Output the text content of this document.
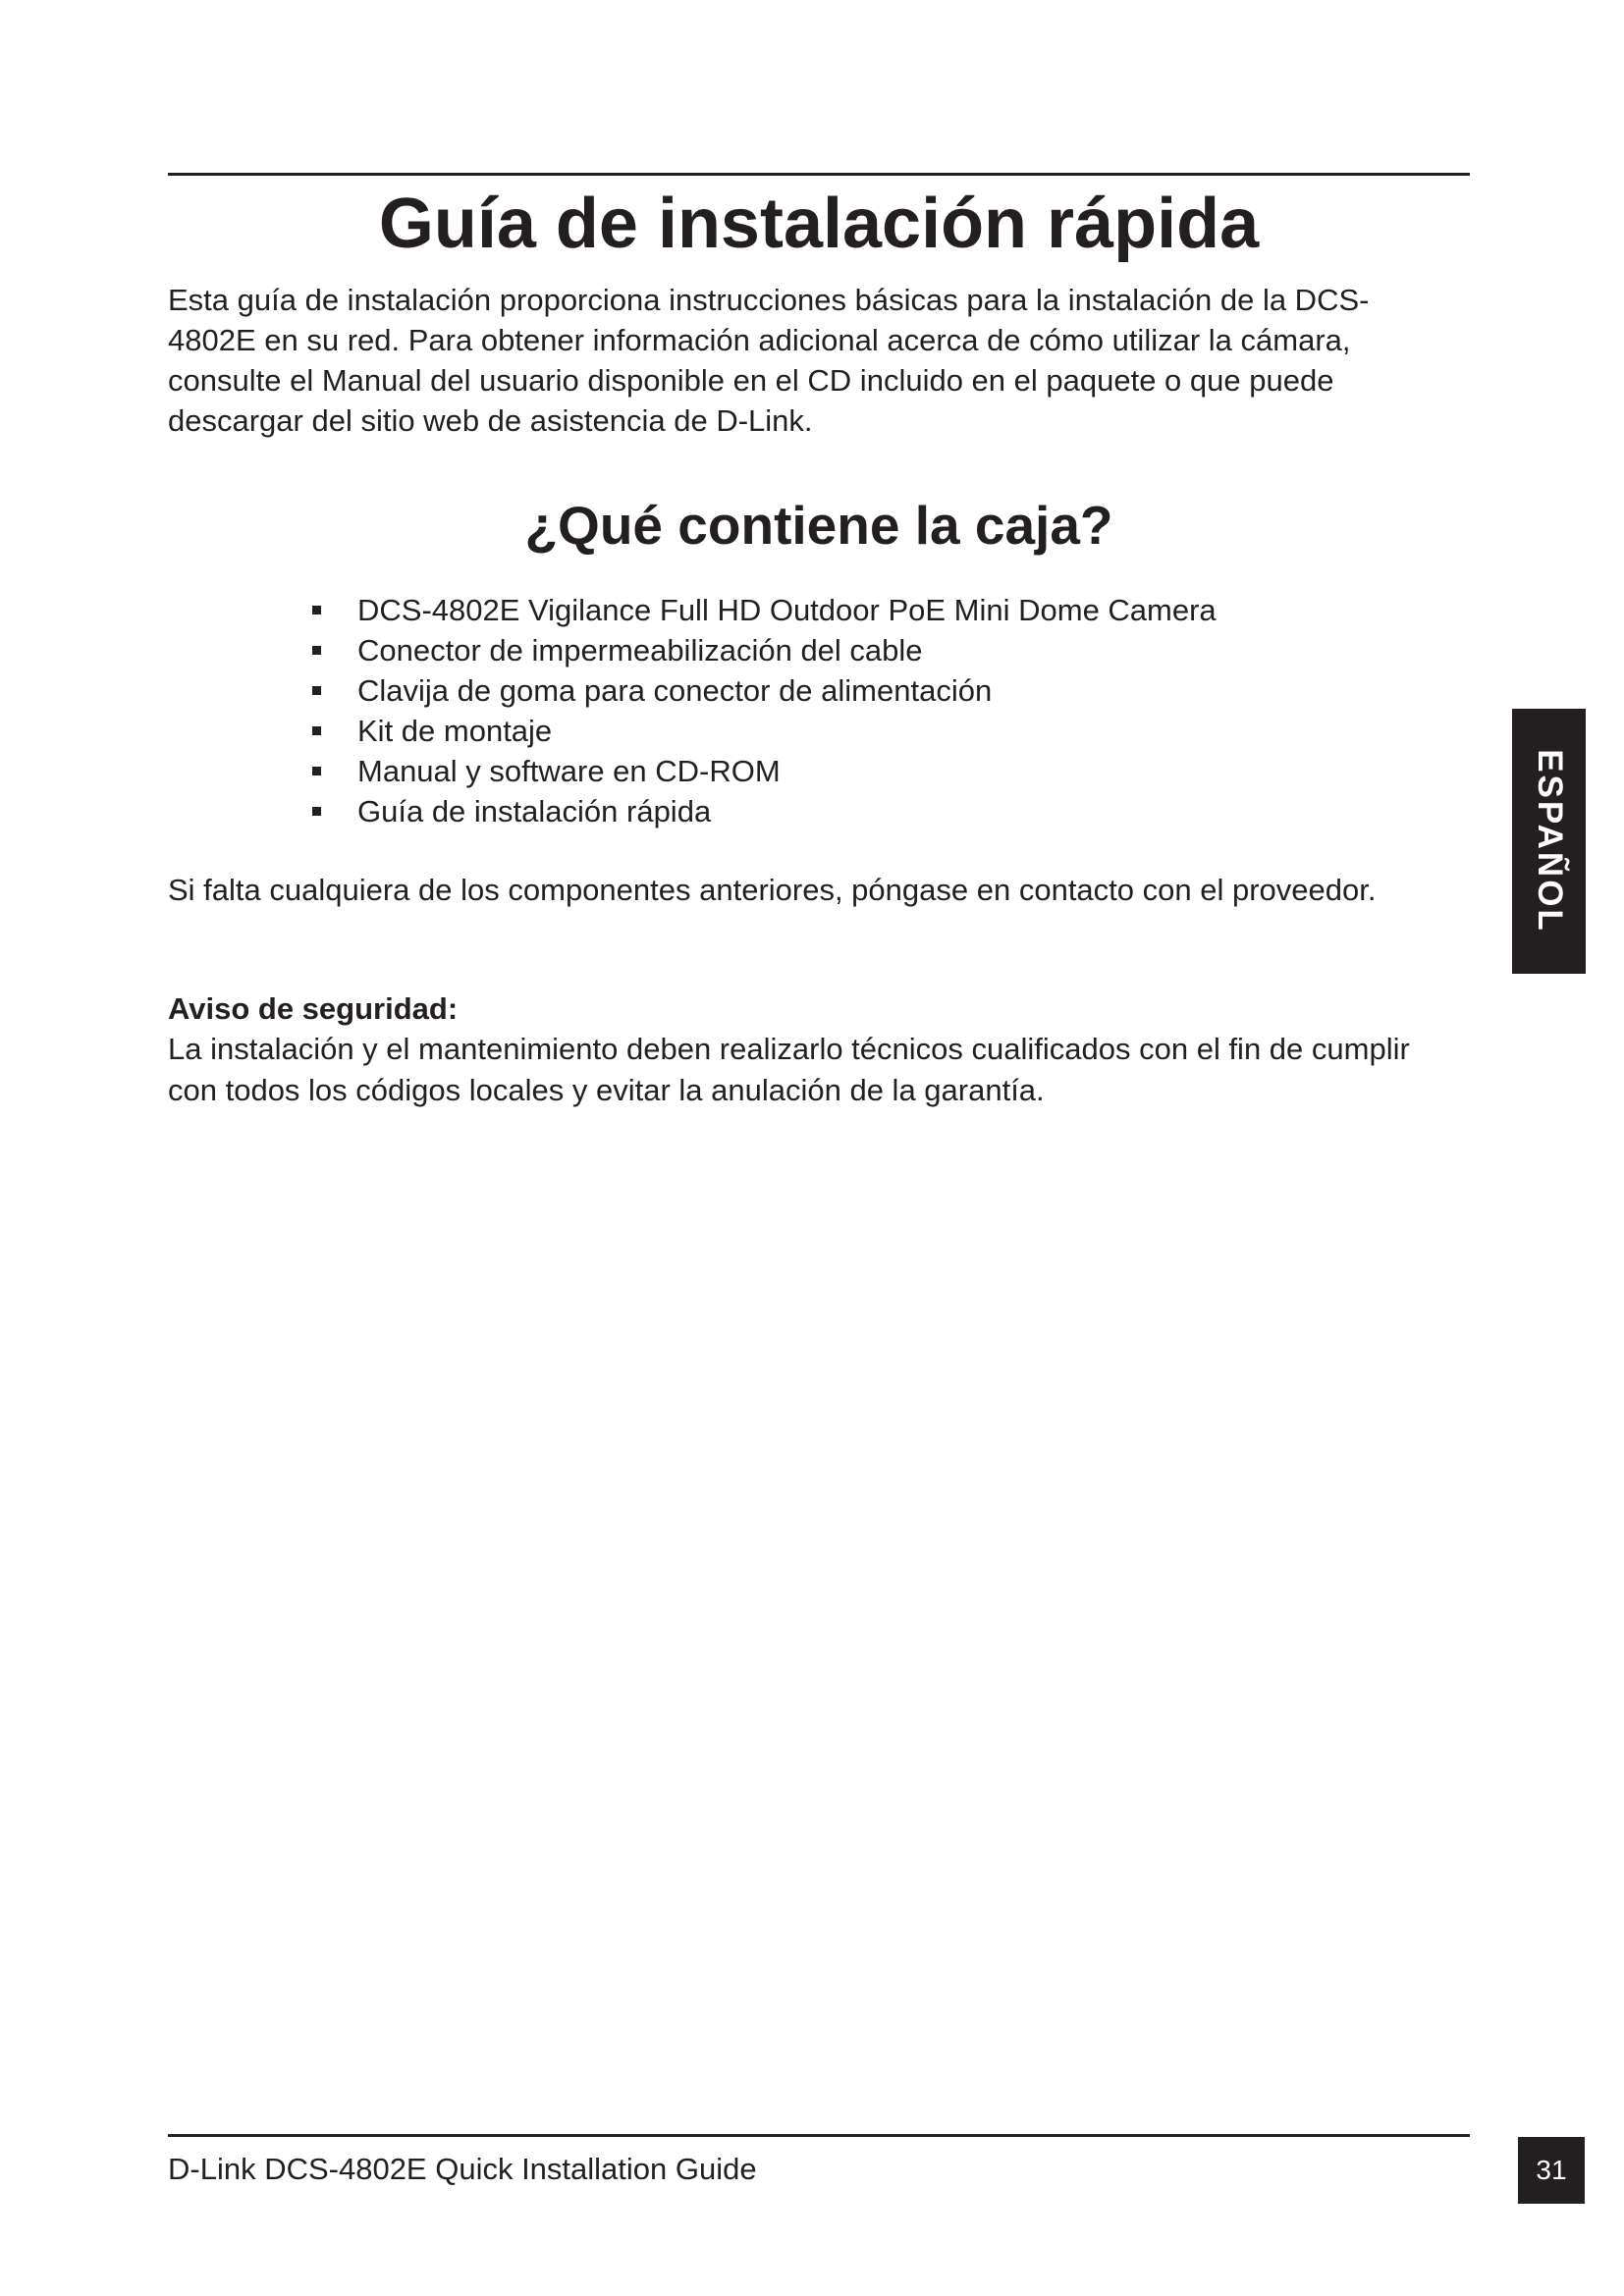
Guía de instalación rápida

Esta guía de instalación proporciona instrucciones básicas para la instalación de la DCS-4802E en su red. Para obtener información adicional acerca de cómo utilizar la cámara, consulte el Manual del usuario disponible en el CD incluido en el paquete o que puede descargar del sitio web de asistencia de D-Link.

¿Qué contiene la caja?
DCS-4802E Vigilance Full HD Outdoor PoE Mini Dome Camera
Conector de impermeabilización del cable
Clavija de goma para conector de alimentación
Kit de montaje
Manual y software en CD-ROM
Guía de instalación rápida

Si falta cualquiera de los componentes anteriores, póngase en contacto con el proveedor.

Aviso de seguridad:

La instalación y el mantenimiento deben realizarlo técnicos cualificados con el fin de cumplir con todos los códigos locales y evitar la anulación de la garantía.

ESPAÑOL

D-Link DCS-4802E Quick Installation Guide	31
